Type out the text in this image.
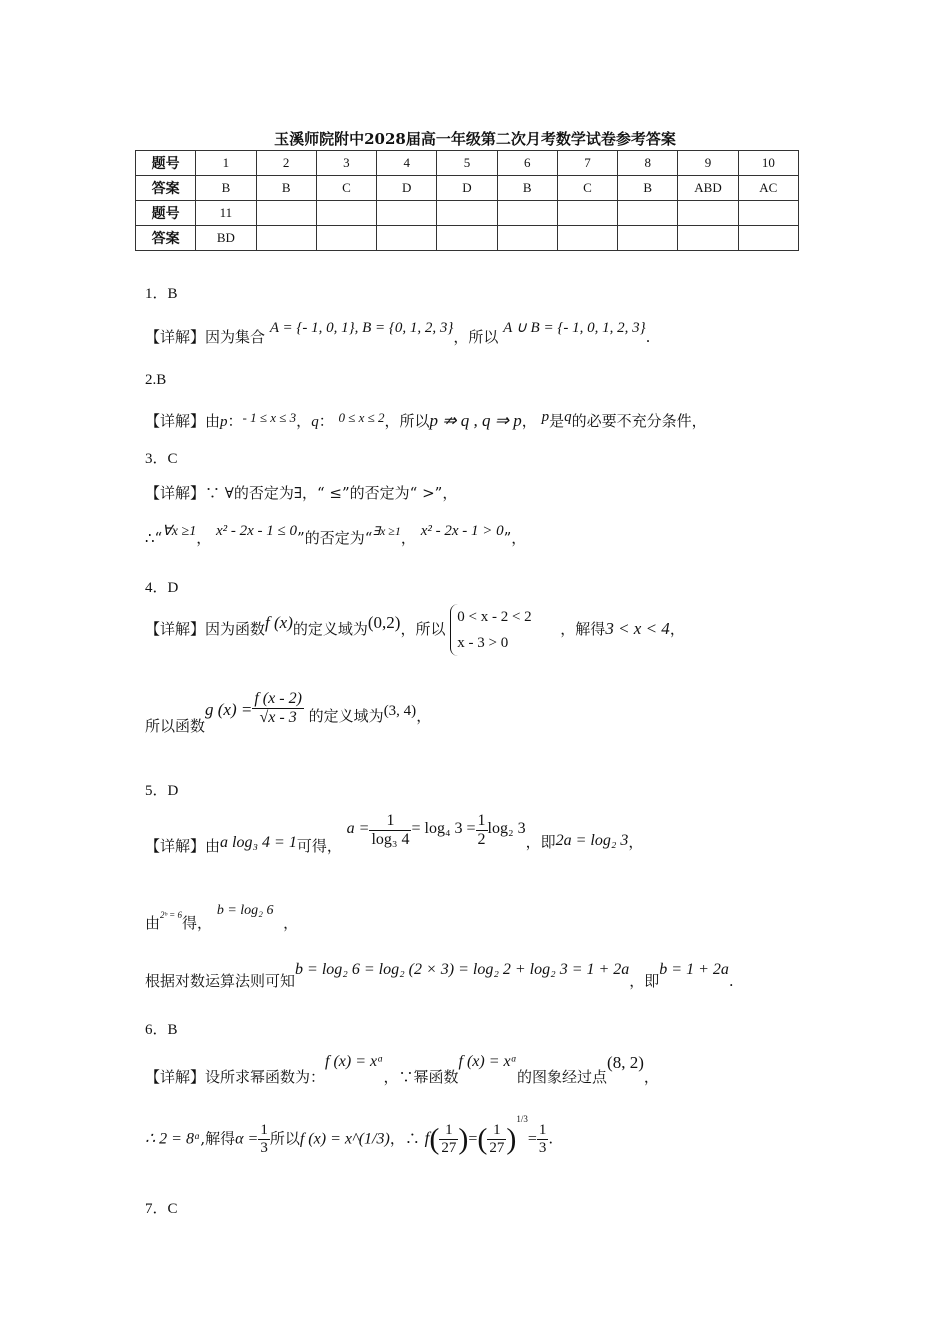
玉溪师院附中2028届高一年级第二次月考数学试卷参考答案
题号	1	2	3	4	5	6	7	8	9	10
答案	B	B	C	D	D	B	C	B	ABD	AC
题号	11									
答案	BD									
1．B
【详解】因为集合 A = {- 1, 0, 1}, B = {0, 1, 2, 3}，所以 A ∪ B = {- 1, 0, 1, 2, 3}.
2.B
【详解】由p：- 1 ≤ x ≤ 3，q： 0 ≤ x ≤ 2，所以p ⇏ q , q ⇒ p， p是q的必要不充分条件，
3．C
【详解】∵ ∀的否定为∃，“ ≤”的否定为“ >”，
∴“∀x ≥1， x² - 2x - 1 ≤ 0”的否定为“$^{\exists x \ge 1}$， x² - 2x - 1 > 0”，
4．D
【详解】因为函数f (x)的定义域为(0,2)，所以 0 < x - 2 < 2
x - 3 > 0      ，解得3 < x < 4，
所以函数g $(x) = \frac{f (x - 2)}{√x - 3}$ 的定义域为(3, 4)，
5．D
【详解】由a log₃ 4 = 1可得， $a = \frac{1}{\text{log₃ 4}} = \log_4$ $3 = \frac{1}{2} \log_2$ 3，即2a = log₂ 3，
由2ᵇ = 6得， b = log₂ 6  ，
根据对数运算法则可知b = log₂ 6 = log₂ (2 × 3) = log₂ 2 + log₂ 3 = 1 + 2a，即b = 1 + 2a.
6．B
【详解】设所求幂函数为：f (x) = xᵅ，∵幂函数f (x) = xᵅ的图象经过点(8, 2)，
∴ 2 = 8ᵅ,解得$\alpha = \frac{1}{3}$ 所以f (x) = x^(1/3)，∴ $f( \frac{1}{27}$ )=( $\frac{1}{27} )^{1/3}= \frac{1}{3}$ .
7．C
